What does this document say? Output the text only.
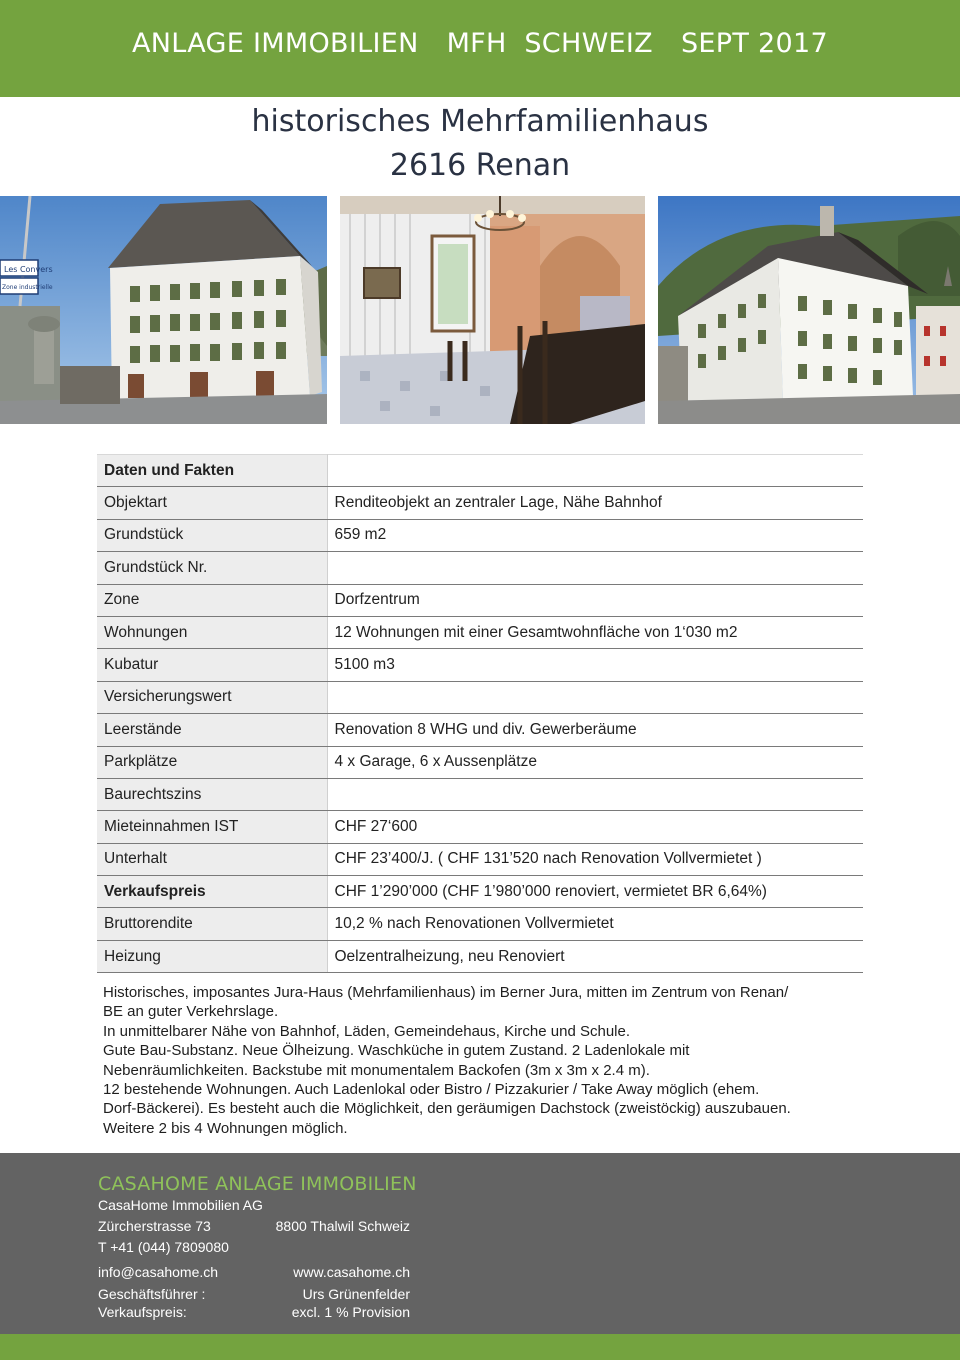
ANLAGE IMMOBILIEN MFH  SCHWEIZ SEPT 2017
historisches Mehrfamilienhaus
2616 Renan
Les Convers
Zone industrielle
Daten und Fakten	
Objektart	Renditeobjekt an zentraler Lage, Nähe Bahnhof
Grundstück	659 m2
Grundstück Nr.	
Zone	Dorfzentrum
Wohnungen	12 Wohnungen mit einer Gesamtwohnfläche von 1‘030 m2
Kubatur	5100 m3
Versicherungswert	
Leerstände	Renovation 8 WHG und div. Gewerberäume
Parkplätze	4 x Garage, 6 x Aussenplätze
Baurechtszins	
Mieteinnahmen IST	CHF 27‘600
Unterhalt	CHF 23’400/J. ( CHF 131’520 nach Renovation Vollvermietet )
Verkaufspreis	CHF 1’290’000 (CHF 1’980’000 renoviert, vermietet BR 6,64%)
Bruttorendite	10,2 % nach Renovationen Vollvermietet
Heizung	Oelzentralheizung, neu Renoviert
Historisches, imposantes Jura-Haus (Mehrfamilienhaus) im Berner Jura, mitten im Zentrum von Renan/
BE an guter Verkehrslage.
In unmittelbarer Nähe von Bahnhof, Läden, Gemeindehaus, Kirche und Schule.
Gute Bau-Substanz. Neue Ölheizung. Waschküche in gutem Zustand. 2 Ladenlokale mit
Nebenräumlichkeiten. Backstube mit monumentalem Backofen (3m x 3m x 2.4 m).
12 bestehende Wohnungen. Auch Ladenlokal oder Bistro / Pizzakurier / Take Away möglich (ehem.
Dorf-Bäckerei). Es besteht auch die Möglichkeit, den geräumigen Dachstock (zweistöckig) auszubauen.
Weitere 2 bis 4 Wohnungen möglich.
CASAHOME ANLAGE IMMOBILIEN
CasaHome Immobilien AG
Zürcherstrasse 73	8800 Thalwil Schweiz
T +41 (044) 7809080
info@casahome.ch	www.casahome.ch
Geschäftsführer :	Urs Grünenfelder
Verkaufspreis:	excl. 1 % Provision
